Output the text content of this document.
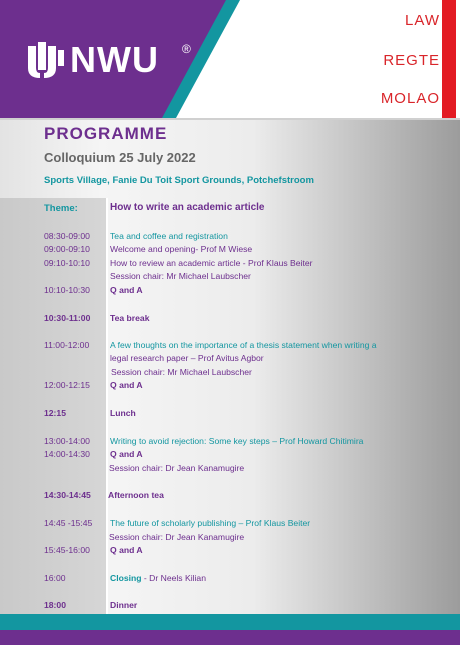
NWU ®
LAW
REGTE
MOLAO
PROGRAMME
Colloquium 25 July 2022
Sports Village, Fanie Du Toit Sport Grounds, Potchefstroom
Theme:	How to write an academic article
08:30-09:00 Tea and coffee and registration
09:00-09:10 Welcome and opening- Prof M Wiese
09:10-10:10 How to review an academic article - Prof Klaus Beiter
Session chair: Mr Michael Laubscher
10:10-10:30 Q and A
10:30-11:00 Tea break
11:00-12:00 A few thoughts on the importance of a thesis statement when writing a
legal research paper – Prof Avitus Agbor
Session chair: Mr Michael Laubscher
12:00-12:15 Q and A
12:15	Lunch
13:00-14:00 Writing to avoid rejection: Some key steps – Prof Howard Chitimira
14:00-14:30 Q and A
Session chair: Dr Jean Kanamugire
14:30-14:45 Afternoon tea
14:45 -15:45 The future of scholarly publishing – Prof Klaus Beiter
Session chair: Dr Jean Kanamugire
15:45-16:00 Q and A
16:00	Closing - Dr Neels Kilian
18:00	Dinner
